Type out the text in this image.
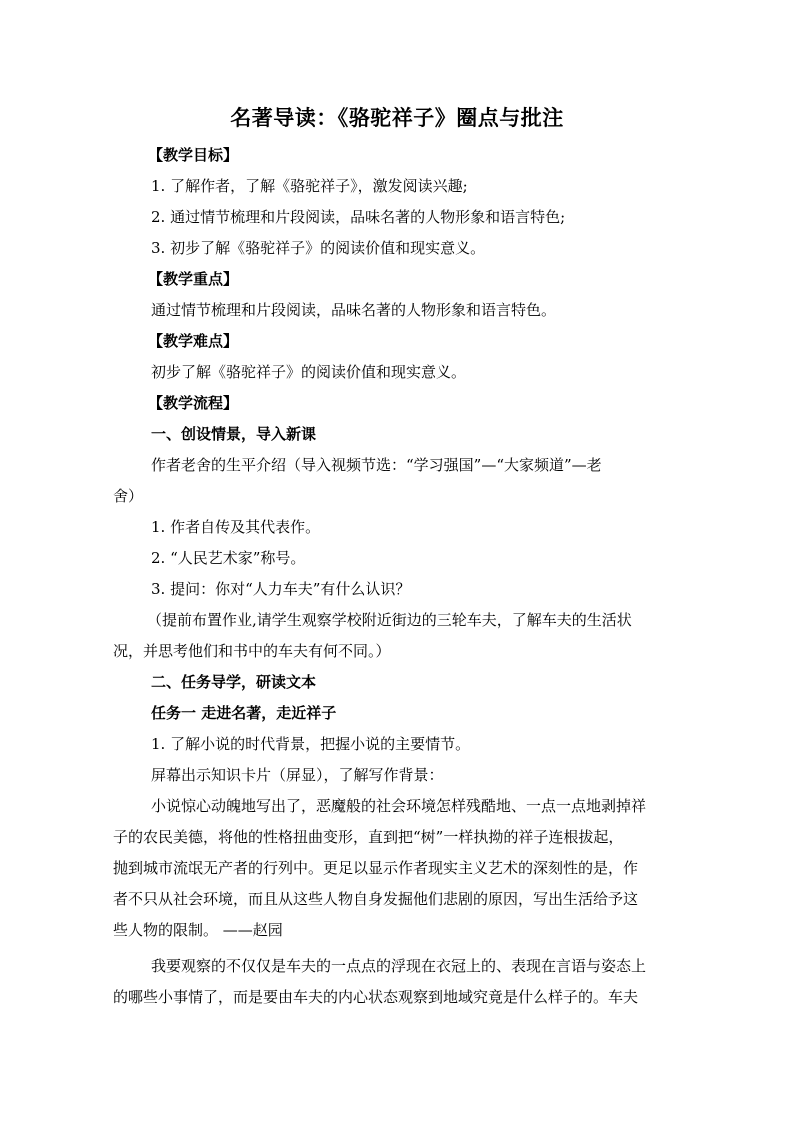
名著导读：《骆驼祥子》圈点与批注
【教学目标】
1. 了解作者，了解《骆驼祥子》，激发阅读兴趣;
2. 通过情节梳理和片段阅读，品味名著的人物形象和语言特色;
3. 初步了解《骆驼祥子》的阅读价值和现实意义。
【教学重点】
通过情节梳理和片段阅读，品味名著的人物形象和语言特色。
【教学难点】
初步了解《骆驼祥子》的阅读价值和现实意义。
【教学流程】
一、创设情景，导入新课
作者老舍的生平介绍（导入视频节选：“学习强国”—“大家频道”—老
舍）
1. 作者自传及其代表作。
2. “人民艺术家”称号。
3. 提问：你对“人力车夫”有什么认识？
（提前布置作业,请学生观察学校附近街边的三轮车夫，了解车夫的生活状
况，并思考他们和书中的车夫有何不同。）
二、任务导学，研读文本
任务一 走进名著，走近祥子
1. 了解小说的时代背景，把握小说的主要情节。
屏幕出示知识卡片（屏显），了解写作背景：
小说惊心动魄地写出了，恶魔般的社会环境怎样残酷地、一点一点地剥掉祥
子的农民美德，将他的性格扭曲变形，直到把“树”一样执拗的祥子连根拔起，
抛到城市流氓无产者的行列中。更足以显示作者现实主义艺术的深刻性的是，作
者不只从社会环境，而且从这些人物自身发掘他们悲剧的原因，写出生活给予这
些人物的限制。 ——赵园
我要观察的不仅仅是车夫的一点点的浮现在衣冠上的、表现在言语与姿态上
的哪些小事情了，而是要由车夫的内心状态观察到地域究竟是什么样子的。车夫
